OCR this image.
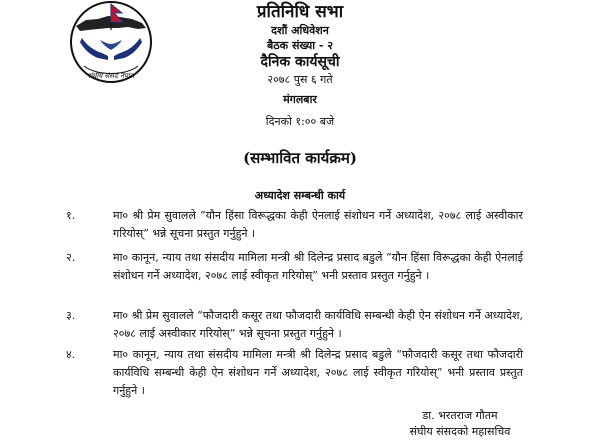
संघीय संसद नेपाल
प्रतिनिधि सभा
दशौं अधिवेशन
बैठक संख्या - २
दैनिक कार्यसूची
२०७८ पुस ६ गते
मंगलबार
दिनको १:०० बजे
(सम्भावित कार्यक्रम)
अध्यादेश सम्बन्धी कार्य
१.	मा० श्री प्रेम सुवालले “यौन हिंसा विरूद्धका केही ऐनलाई संशोधन गर्ने अध्यादेश, २०७८ लाई अस्वीकार गरियोस्” भन्ने सूचना प्रस्तुत गर्नुहुने ।
२.	मा० कानून, न्याय तथा संसदीय मामिला मन्त्री श्री दिलेन्द्र प्रसाद बडुले “यौन हिंसा विरूद्धका केही ऐनलाई संशोधन गर्ने अध्यादेश, २०७८ लाई स्वीकृत गरियोस्” भनी प्रस्ताव प्रस्तुत गर्नुहुने ।
३.	मा० श्री प्रेम सुवालले “फौजदारी कसूर तथा फौजदारी कार्यविधि सम्बन्धी केही ऐन संशोधन गर्ने अध्यादेश, २०७८ लाई अस्वीकार गरियोस्” भन्ने सूचना प्रस्तुत गर्नुहुने ।
४.	मा० कानून, न्याय तथा संसदीय मामिला मन्त्री श्री दिलेन्द्र प्रसाद बडुले “फौजदारी कसूर तथा फौजदारी कार्यविधि सम्बन्धी केही ऐन संशोधन गर्ने अध्यादेश, २०७८ लाई स्वीकृत गरियोस्” भनी प्रस्ताव प्रस्तुत गर्नुहुने ।
डा. भरतराज गौतम
संघीय संसदको महासचिव
